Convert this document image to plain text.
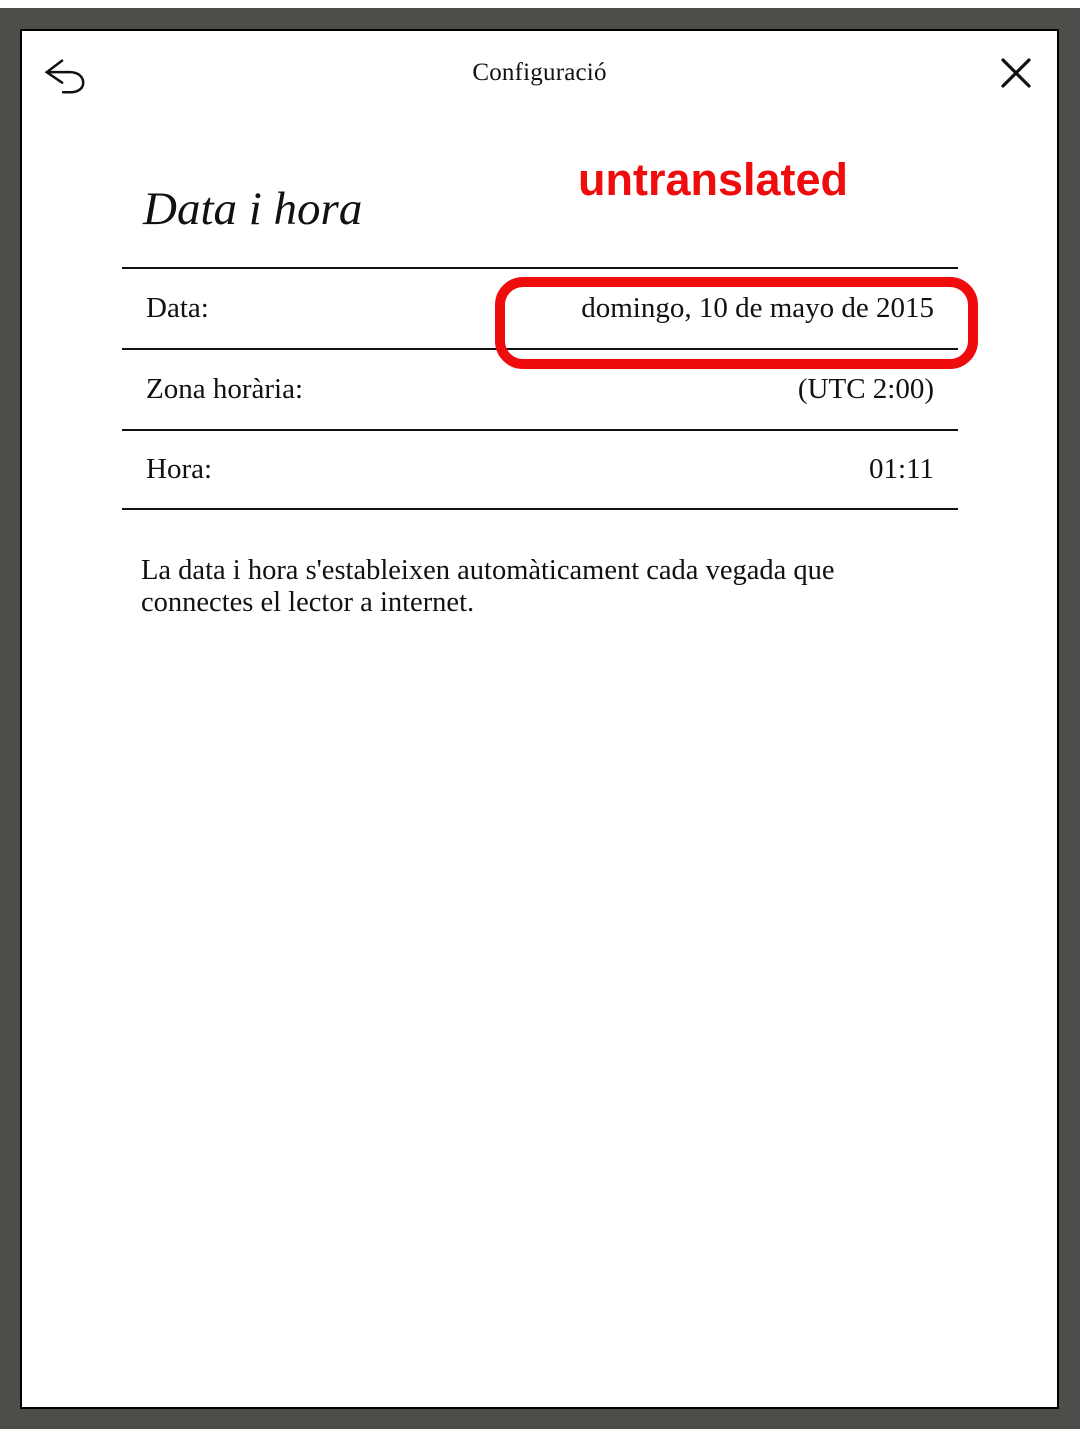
Configuració
Data i hora
untranslated
Data:	domingo, 10 de mayo de 2015
Zona horària:	(UTC 2:00)
Hora:	01:11

La data i hora s'estableixen automàticament cada vegada que connectes el lector a internet.
